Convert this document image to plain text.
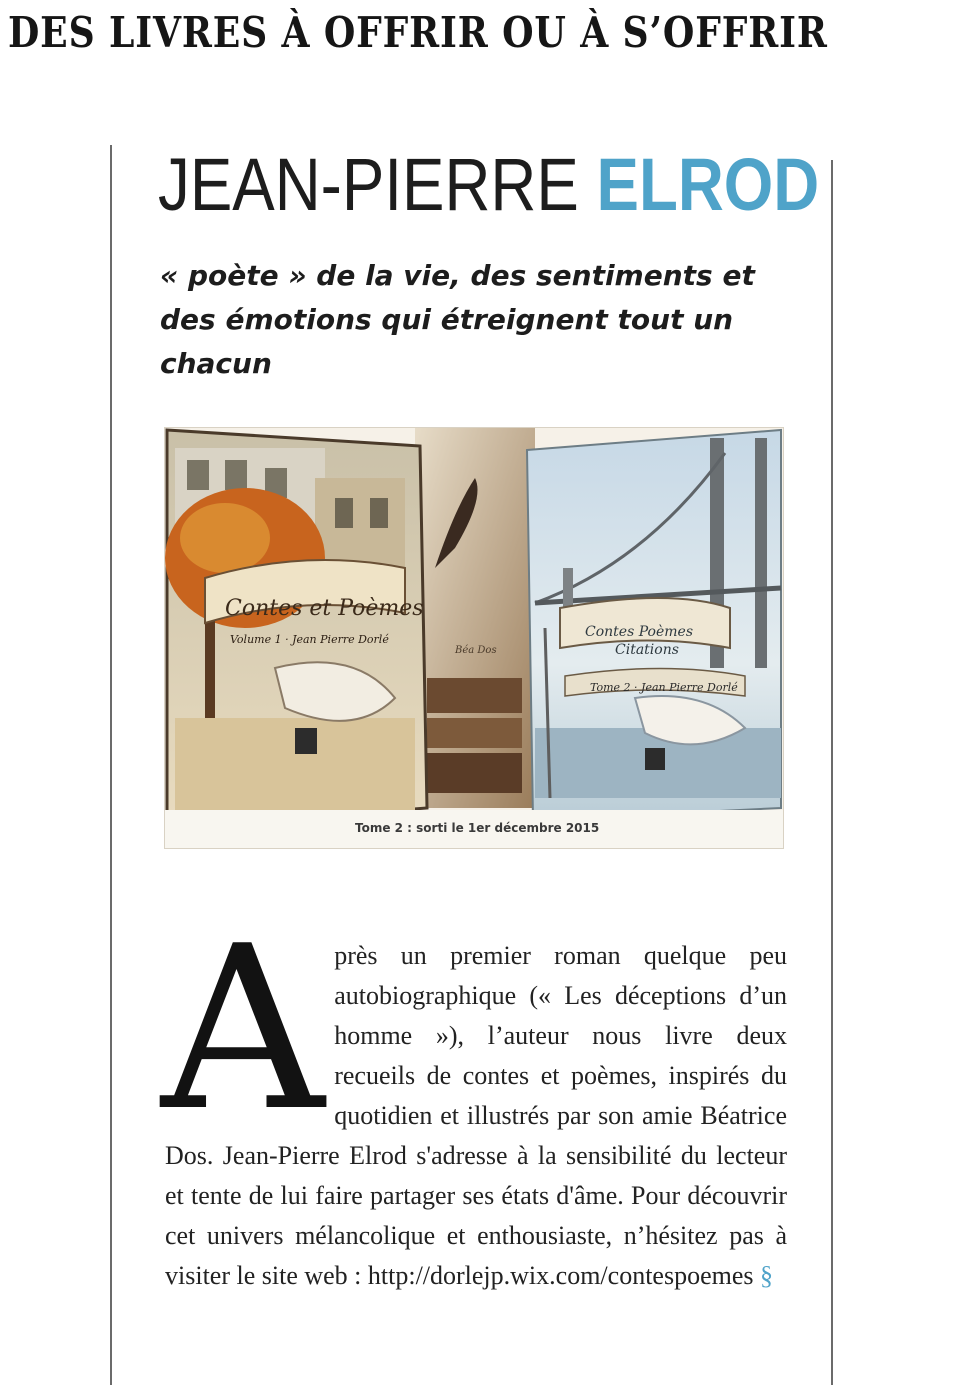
DES LIVRES À OFFRIR OU À S’OFFRIR
JEAN-PIERRE ELROD

« poète » de la vie, des sentiments et des émotions qui étreignent tout un chacun

Béa Dos
Contes et Poèmes
Volume 1 · Jean Pierre Dorlé	Contes Poèmes
Citations
Tome 2 · Jean Pierre Dorlé
Tome 2 : sorti le 1er décembre 2015

Après un premier roman quelque peu autobiographique (« Les déceptions d’un homme »), l’auteur nous livre deux recueils de contes et poèmes, inspirés du quotidien et illustrés par son amie Béatrice Dos. Jean-Pierre Elrod s'adresse à la sensibilité du lecteur et tente de lui faire partager ses états d'âme. Pour découvrir cet univers mélancolique et enthousiaste, n’hésitez pas à visiter le site web : http://dorlejp.wix.com/contespoemes §
